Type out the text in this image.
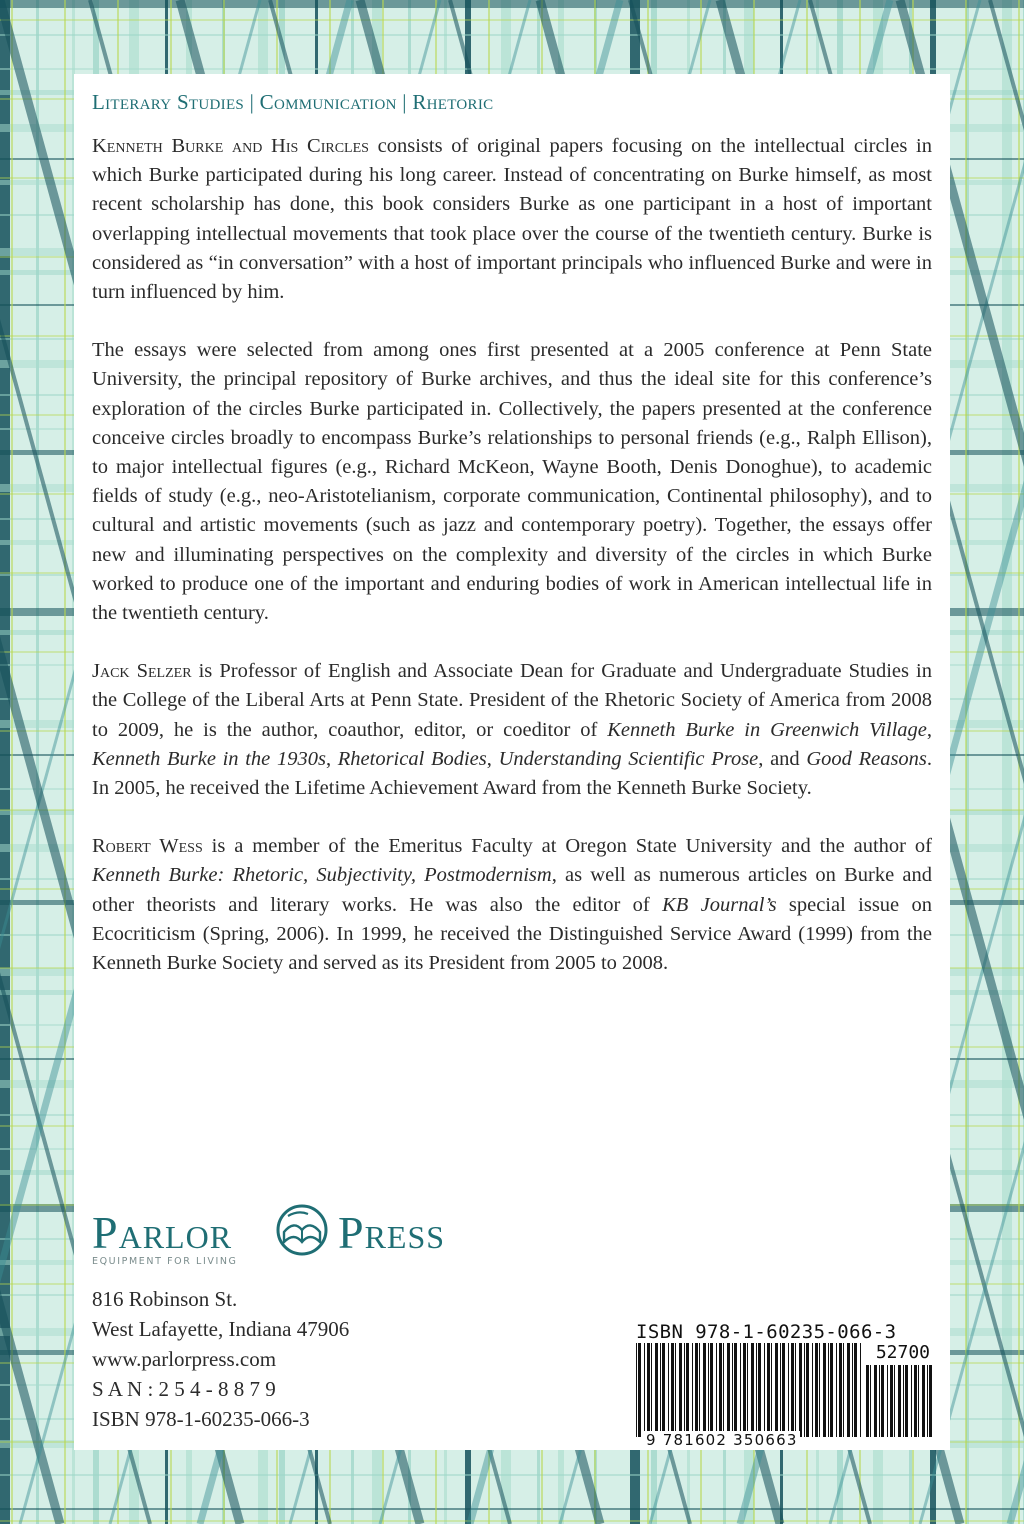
Literary Studies | Communication | Rhetoric

Kenneth Burke and His Circles consists of original papers focusing on the intellectual circles in which Burke participated during his long career. Instead of concentrating on Burke himself, as most recent scholarship has done, this book considers Burke as one participant in a host of important overlapping intellectual movements that took place over the course of the twentieth century. Burke is considered as “in conversation” with a host of important principals who influenced Burke and were in turn influenced by him.

The essays were selected from among ones first presented at a 2005 conference at Penn State University, the principal repository of Burke archives, and thus the ideal site for this conference’s exploration of the circles Burke participated in. Collectively, the papers presented at the conference conceive circles broadly to encompass Burke’s relationships to personal friends (e.g., Ralph Ellison), to major intellectual figures (e.g., Richard McKeon, Wayne Booth, Denis Donoghue), to academic fields of study (e.g., neo-Aristotelianism, corporate communication, Continental philosophy), and to cultural and artistic movements (such as jazz and contemporary poetry). Together, the essays offer new and illuminating perspectives on the complexity and diversity of the circles in which Burke worked to produce one of the important and enduring bodies of work in American intellectual life in the twentieth century.

Jack Selzer is Professor of English and Associate Dean for Graduate and Undergraduate Studies in the College of the Liberal Arts at Penn State. President of the Rhetoric Society of America from 2008 to 2009, he is the author, coauthor, editor, or coeditor of Kenneth Burke in Greenwich Village, Kenneth Burke in the 1930s, Rhetorical Bodies, Understanding Scientific Prose, and Good Reasons. In 2005, he received the Lifetime Achievement Award from the Kenneth Burke Society.

Robert Wess is a member of the Emeritus Faculty at Oregon State University and the author of Kenneth Burke: Rhetoric, Subjectivity, Postmodernism, as well as numerous articles on Burke and other theorists and literary works. He was also the editor of KB Journal’s special issue on Ecocriticism (Spring, 2006). In 1999, he received the Distinguished Service Award (1999) from the Kenneth Burke Society and served as its President from 2005 to 2008.

Parlor Press
EQUIPMENT FOR LIVING
816 Robinson St.
West Lafayette, Indiana 47906
www.parlorpress.com
S A N : 2 5 4 - 8 8 7 9
ISBN 978-1-60235-066-3
ISBN 978-1-60235-066-3
52700
9 781602 350663
